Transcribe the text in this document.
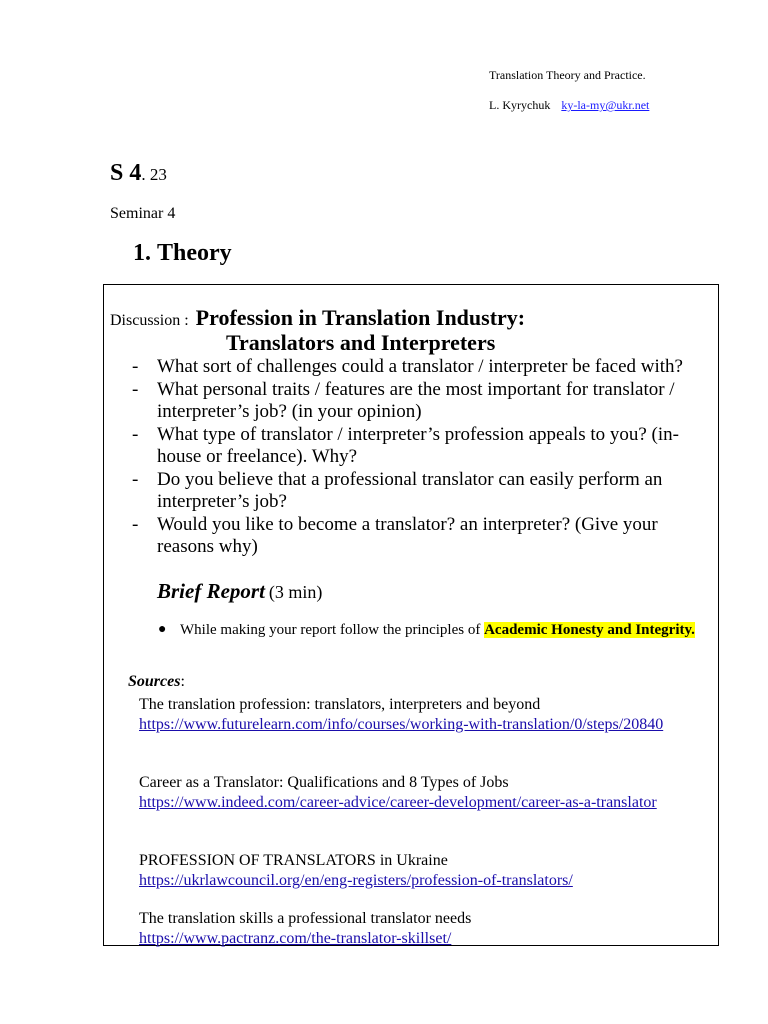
Translation Theory and Practice.
L. Kyrychuk ky-la-my@ukr.net
S 4. 23
Seminar 4
1. Theory
Discussion : Profession in Translation Industry:
Translators and Interpreters
- What sort of challenges could a translator / interpreter be faced with?
- What personal traits / features are the most important for translator / interpreter’s job? (in your opinion)
- What type of translator / interpreter’s profession appeals to you? (in-house or freelance). Why?
- Do you believe that a professional translator can easily perform an interpreter’s job?
- Would you like to become a translator? an interpreter? (Give your reasons why)
Brief Report (3 min)
● While making your report follow the principles of Academic Honesty and Integrity.
Sources:
The translation profession: translators, interpreters and beyond
https://www.futurelearn.com/info/courses/working-with-translation/0/steps/20840
Career as a Translator: Qualifications and 8 Types of Jobs
https://www.indeed.com/career-advice/career-development/career-as-a-translator
PROFESSION OF TRANSLATORS in Ukraine
https://ukrlawcouncil.org/en/eng-registers/profession-of-translators/
The translation skills a professional translator needs
https://www.pactranz.com/the-translator-skillset/
